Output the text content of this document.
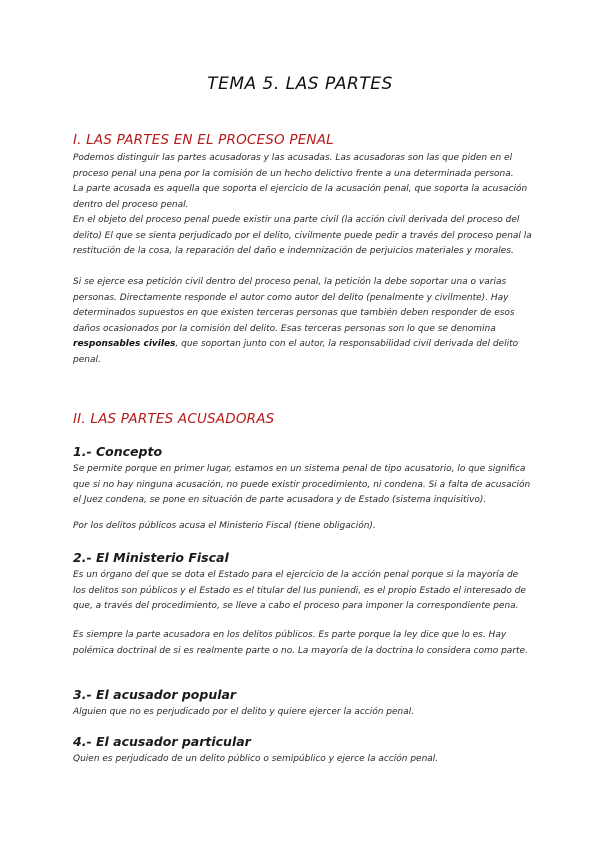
TEMA 5. LAS PARTES
I. LAS PARTES EN EL PROCESO PENAL

Podemos distinguir las partes acusadoras y las acusadas. Las acusadoras son las que piden en el proceso penal una pena por la comisión de un hecho delictivo frente a una determinada persona.

La parte acusada es aquella que soporta el ejercicio de la acusación penal, que soporta la acusación dentro del proceso penal.

En el objeto del proceso penal puede existir una parte civil (la acción civil derivada del proceso del delito) El que se sienta perjudicado por el delito, civilmente puede pedir a través del proceso penal la restitución de la cosa, la reparación del daño e indemnización de perjuicios materiales y morales.

Si se ejerce esa petición civil dentro del proceso penal, la petición la debe soportar una o varias personas. Directamente responde el autor como autor del delito (penalmente y civilmente). Hay determinados supuestos en que existen terceras personas que también deben responder de esos daños ocasionados por la comisión del delito. Esas terceras personas son lo que se denomina responsables civiles, que soportan junto con el autor, la responsabilidad civil derivada del delito penal.

II. LAS PARTES ACUSADORAS
1.- Concepto

Se permite porque en primer lugar, estamos en un sistema penal de tipo acusatorio, lo que significa que si no hay ninguna acusación, no puede existir procedimiento, ni condena. Si a falta de acusación el Juez condena, se pone en situación de parte acusadora y de Estado (sistema inquisitivo).

Por los delitos públicos acusa el Ministerio Fiscal (tiene obligación).

2.- El Ministerio Fiscal

Es un órgano del que se dota el Estado para el ejercicio de la acción penal porque si la mayoría de los delitos son públicos y el Estado es el titular del Ius puniendi, es el propio Estado el interesado de que, a través del procedimiento, se lleve a cabo el proceso para imponer la correspondiente pena.

Es siempre la parte acusadora en los delitos públicos. Es parte porque la ley dice que lo es. Hay polémica doctrinal de si es realmente parte o no. La mayoría de la doctrina lo considera como parte.

3.- El acusador popular

Alguien que no es perjudicado por el delito y quiere ejercer la acción penal.

4.- El acusador particular

Quien es perjudicado de un delito público o semipúblico y ejerce la acción penal.
